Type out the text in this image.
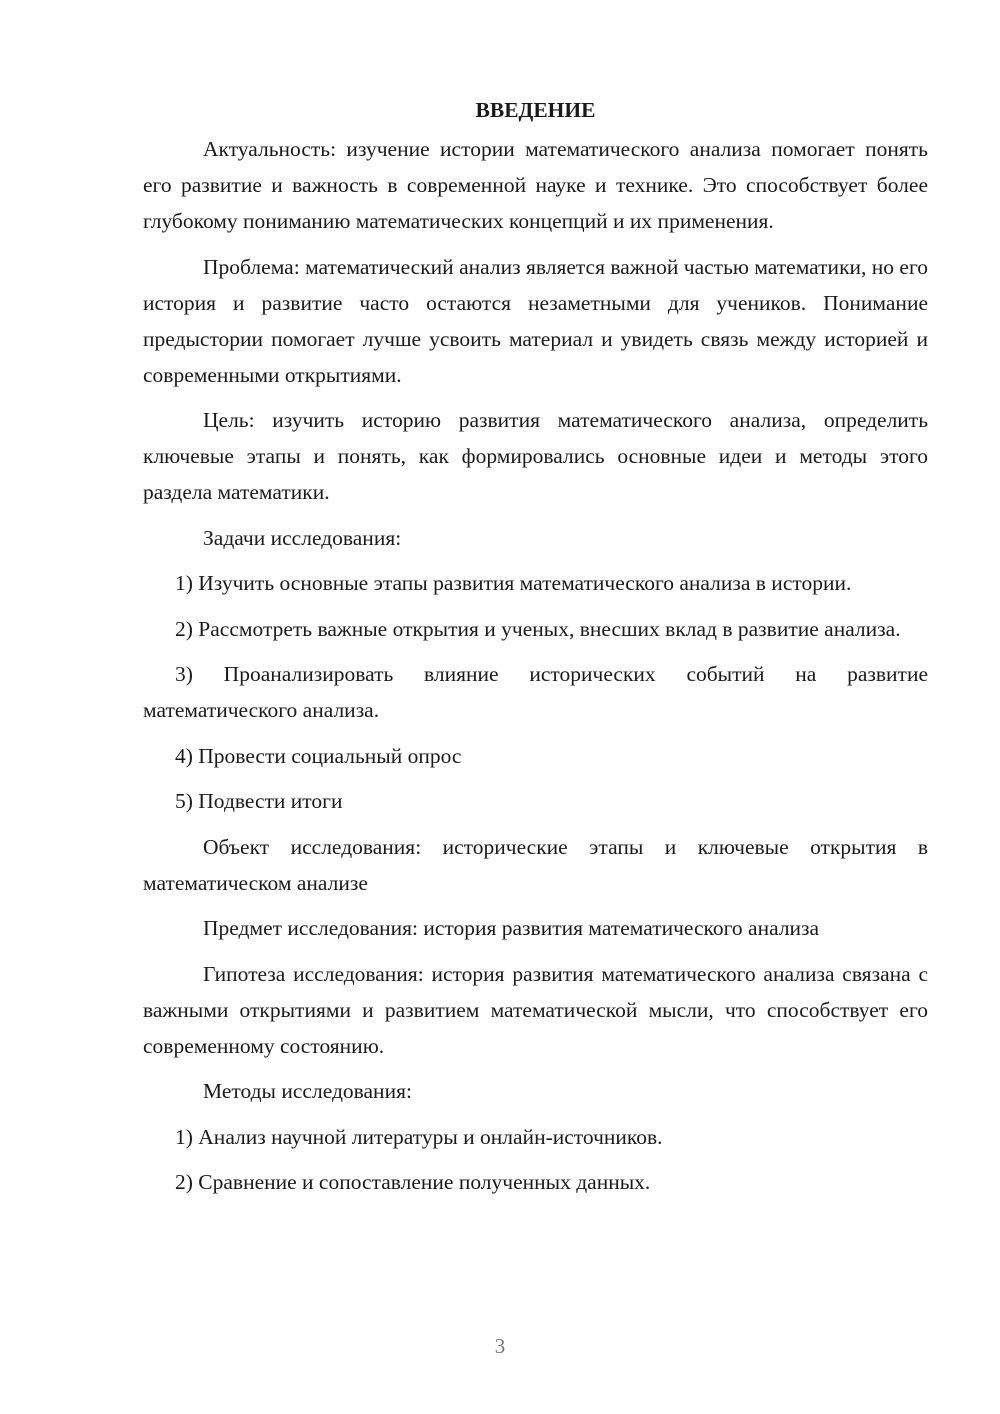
ВВЕДЕНИЕ

Актуальность: изучение истории математического анализа помогает понять его развитие и важность в современной науке и технике. Это способствует более глубокому пониманию математических концепций и их применения.

Проблема: математический анализ является важной частью математики, но его история и развитие часто остаются незаметными для учеников. Понимание предыстории помогает лучше усвоить материал и увидеть связь между историей и современными открытиями.

Цель: изучить историю развития математического анализа, определить ключевые этапы и понять, как формировались основные идеи и методы этого раздела математики.

Задачи исследования:

1) Изучить основные этапы развития математического анализа в истории.

2) Рассмотреть важные открытия и ученых, внесших вклад в развитие анализа.

3) Проанализировать влияние исторических событий на развитие математического анализа.

4) Провести социальный опрос

5) Подвести итоги

Объект исследования: исторические этапы и ключевые открытия в математическом анализе

Предмет исследования: история развития математического анализа

Гипотеза исследования: история развития математического анализа связана с важными открытиями и развитием математической мысли, что способствует его современному состоянию.

Методы исследования:

1) Анализ научной литературы и онлайн-источников.

2) Сравнение и сопоставление полученных данных.

3
